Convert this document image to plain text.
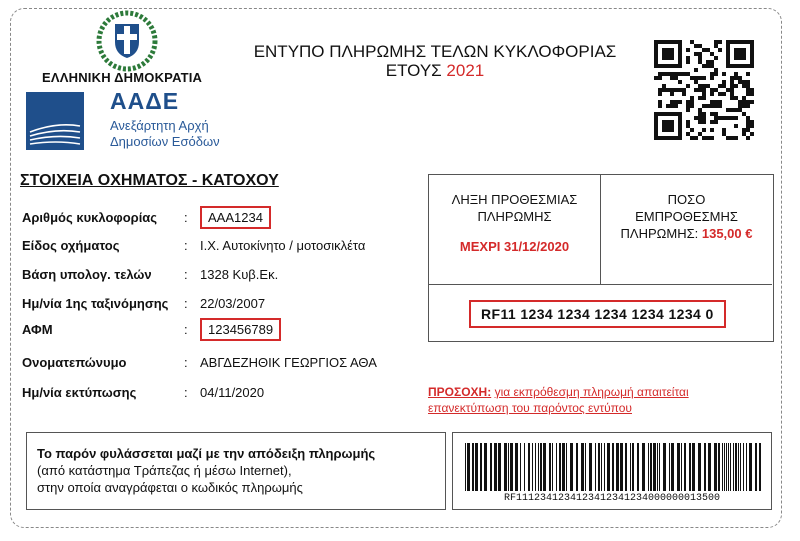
ΕΛΛΗΝΙΚΗ ΔΗΜΟΚΡΑΤΙΑ
ΑΑΔΕ
Ανεξάρτητη Αρχή
Δημοσίων Εσόδων
ΕΝΤΥΠΟ ΠΛΗΡΩΜΗΣ ΤΕΛΩΝ ΚΥΚΛΟΦΟΡΙΑΣ
ΕΤΟΥΣ 2021
ΣΤΟΙΧΕΙΑ ΟΧΗΜΑΤΟΣ - ΚΑΤΟΧΟΥ
Αριθμός κυκλοφορίας	:	ΑΑΑ1234
Είδος οχήματος	: Ι.Χ. Αυτοκίνητο / μοτοσικλέτα
Βάση υπολογ. τελών	: 1328 Κυβ.Εκ.
Ημ/νία 1ης ταξινόμησης	: 22/03/2007
ΑΦΜ	:	123456789
Ονοματεπώνυμο	: ΑΒΓΔΕΖΗΘΙΚ ΓΕΩΡΓΙΟΣ ΑΘΑ
Ημ/νία εκτύπωσης	: 04/11/2020
ΛΗΞΗ ΠΡΟΘΕΣΜΙΑΣ
ΠΛΗΡΩΜΗΣ
ΜΕΧΡΙ 31/12/2020
ΠΟΣΟ
ΕΜΠΡΟΘΕΣΜΗΣ
ΠΛΗΡΩΜΗΣ: 135,00 €
RF11 1234 1234 1234 1234 1234 0
ΠΡΟΣΟΧΗ: για εκπρόθεσμη πληρωμή απαιτείται επανεκτύπωση του παρόντος εντύπου
Το παρόν φυλάσσεται μαζί με την απόδειξη πληρωμής
(από κατάστημα Τράπεζας ή μέσω Internet),
στην οποία αναγράφεται ο κωδικός πληρωμής
RF1112341234123412341234000000013500
